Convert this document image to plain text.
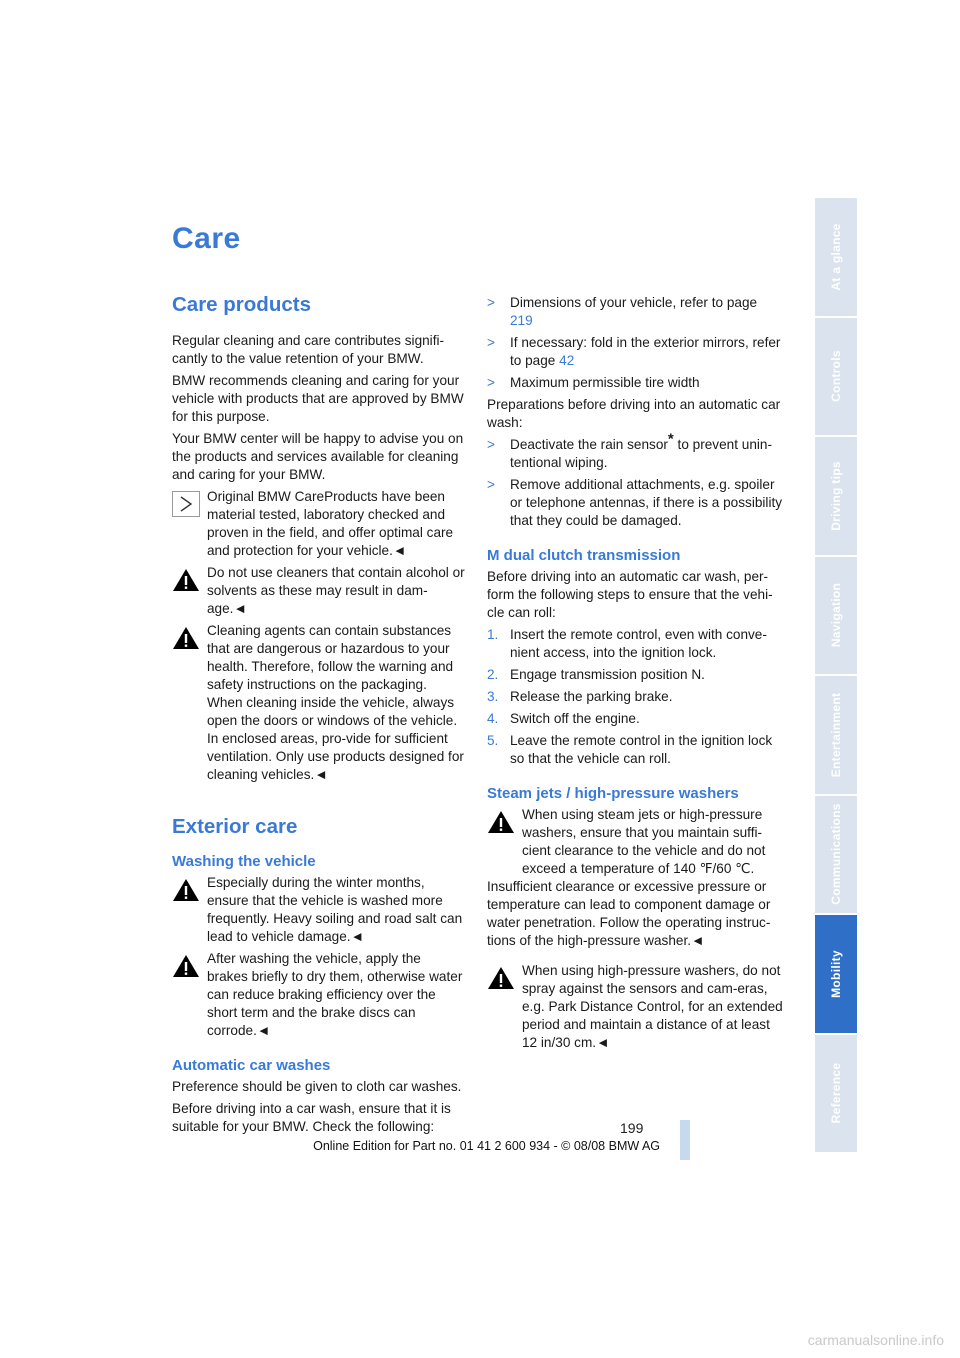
Care
Care products

Regular cleaning and care contributes signifi-cantly to the value retention of your BMW.

BMW recommends cleaning and caring for your vehicle with products that are approved by BMW for this purpose.

Your BMW center will be happy to advise you on the products and services available for cleaning and caring for your BMW.

Original BMW CareProducts have been material tested, laboratory checked and proven in the field, and offer optimal care and protection for your vehicle.◄
Do not use cleaners that contain alcohol or solvents as these may result in dam-age.◄
Cleaning agents can contain substances that are dangerous or hazardous to your health. Therefore, follow the warning and safety instructions on the packaging. When cleaning inside the vehicle, always open the doors or windows of the vehicle. In enclosed areas, pro-vide for sufficient ventilation. Only use products designed for cleaning vehicles.◄
Exterior care
Washing the vehicle
Especially during the winter months, ensure that the vehicle is washed more frequently. Heavy soiling and road salt can lead to vehicle damage.◄
After washing the vehicle, apply the brakes briefly to dry them, otherwise water can reduce braking efficiency over the short term and the brake discs can corrode.◄
Automatic car washes

Preference should be given to cloth car washes.

Before driving into a car wash, ensure that it is suitable for your BMW. Check the following:

> Dimensions of your vehicle, refer to page 219
> If necessary: fold in the exterior mirrors, refer to page 42
> Maximum permissible tire width

Preparations before driving into an automatic car wash:

> Deactivate the rain sensor* to prevent unin-tentional wiping.
> Remove additional attachments, e.g. spoiler or telephone antennas, if there is a possibility that they could be damaged.
M dual clutch transmission

Before driving into an automatic car wash, per-form the following steps to ensure that the vehi-cle can roll:

1. Insert the remote control, even with conve-nient access, into the ignition lock.
2. Engage transmission position N.
3. Release the parking brake.
4. Switch off the engine.
5. Leave the remote control in the ignition lock so that the vehicle can roll.
Steam jets / high-pressure washers
When using steam jets or high-pressure washers, ensure that you maintain suffi-cient clearance to the vehicle and do not exceed a temperature of 140 ℉/60 ℃.
Insufficient clearance or excessive pressure or temperature can lead to component damage or water penetration. Follow the operating instruc-tions of the high-pressure washer.◄
When using high-pressure washers, do not spray against the sensors and cam-eras, e.g. Park Distance Control, for an extended period and maintain a distance of at least 12 in/30 cm.◄
At a glance
Controls
Driving tips
Navigation
Entertainment
Communications
Mobility
Reference
199
Online Edition for Part no. 01 41 2 600 934 - © 08/08 BMW AG
carmanualsonline.info
